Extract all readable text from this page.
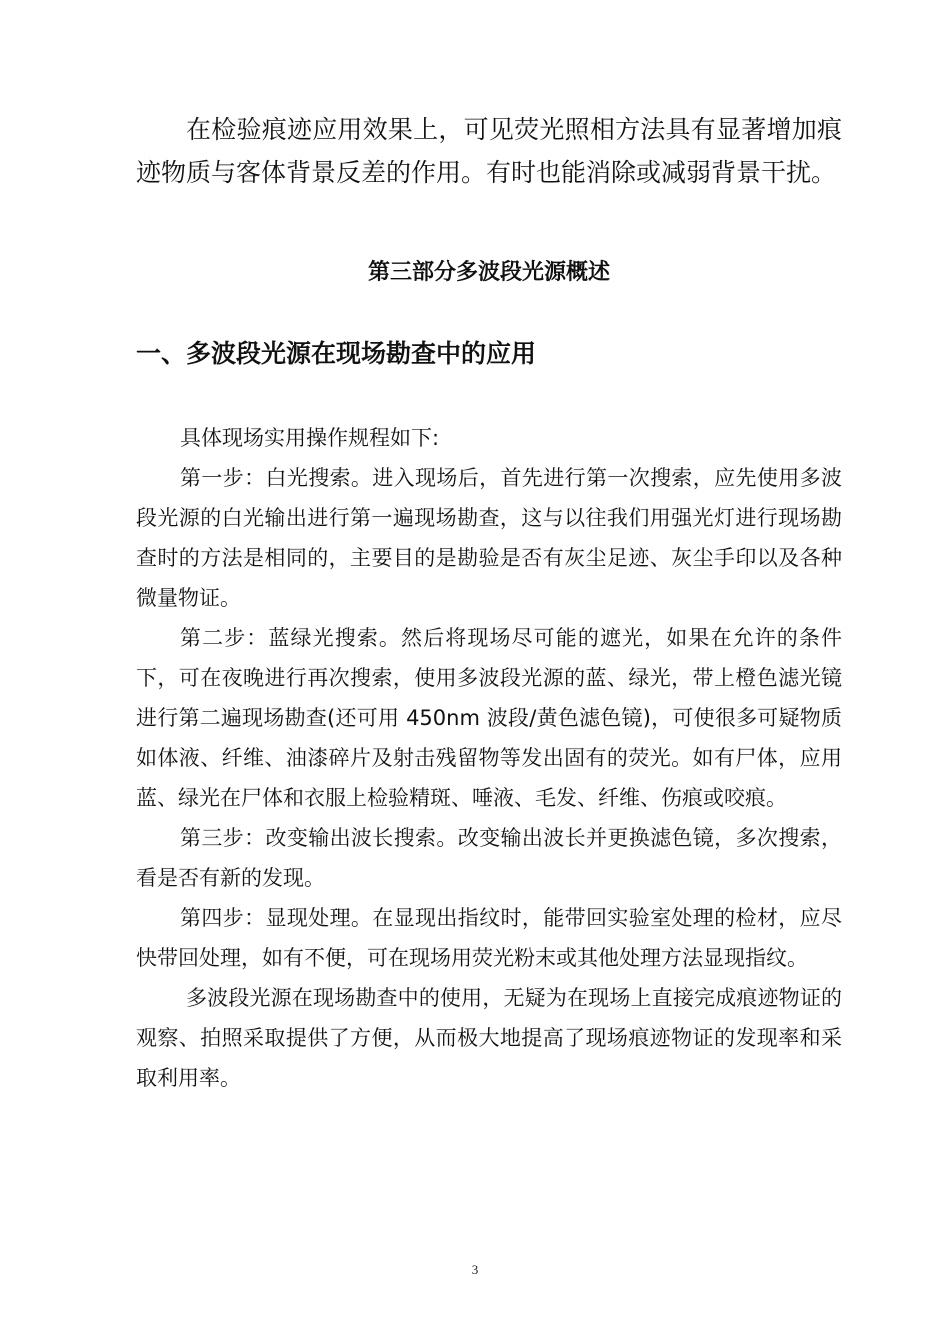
在检验痕迹应用效果上，可见荧光照相方法具有显著增加痕迹物质与客体背景反差的作用。有时也能消除或减弱背景干扰。

第三部分多波段光源概述
一、多波段光源在现场勘查中的应用

具体现场实用操作规程如下:

第一步：白光搜索。进入现场后，首先进行第一次搜索，应先使用多波段光源的白光输出进行第一遍现场勘查，这与以往我们用强光灯进行现场勘查时的方法是相同的，主要目的是勘验是否有灰尘足迹、灰尘手印以及各种微量物证。

第二步：蓝绿光搜索。然后将现场尽可能的遮光，如果在允许的条件下，可在夜晚进行再次搜索，使用多波段光源的蓝、绿光，带上橙色滤光镜进行第二遍现场勘查(还可用 450nm 波段/黄色滤色镜)，可使很多可疑物质如体液、纤维、油漆碎片及射击残留物等发出固有的荧光。如有尸体，应用蓝、绿光在尸体和衣服上检验精斑、唾液、毛发、纤维、伤痕或咬痕。

第三步：改变输出波长搜索。改变输出波长并更换滤色镜，多次搜索，看是否有新的发现。

第四步：显现处理。在显现出指纹时，能带回实验室处理的检材，应尽快带回处理，如有不便，可在现场用荧光粉末或其他处理方法显现指纹。

多波段光源在现场勘查中的使用，无疑为在现场上直接完成痕迹物证的观察、拍照采取提供了方便，从而极大地提高了现场痕迹物证的发现率和采取利用率。

3
